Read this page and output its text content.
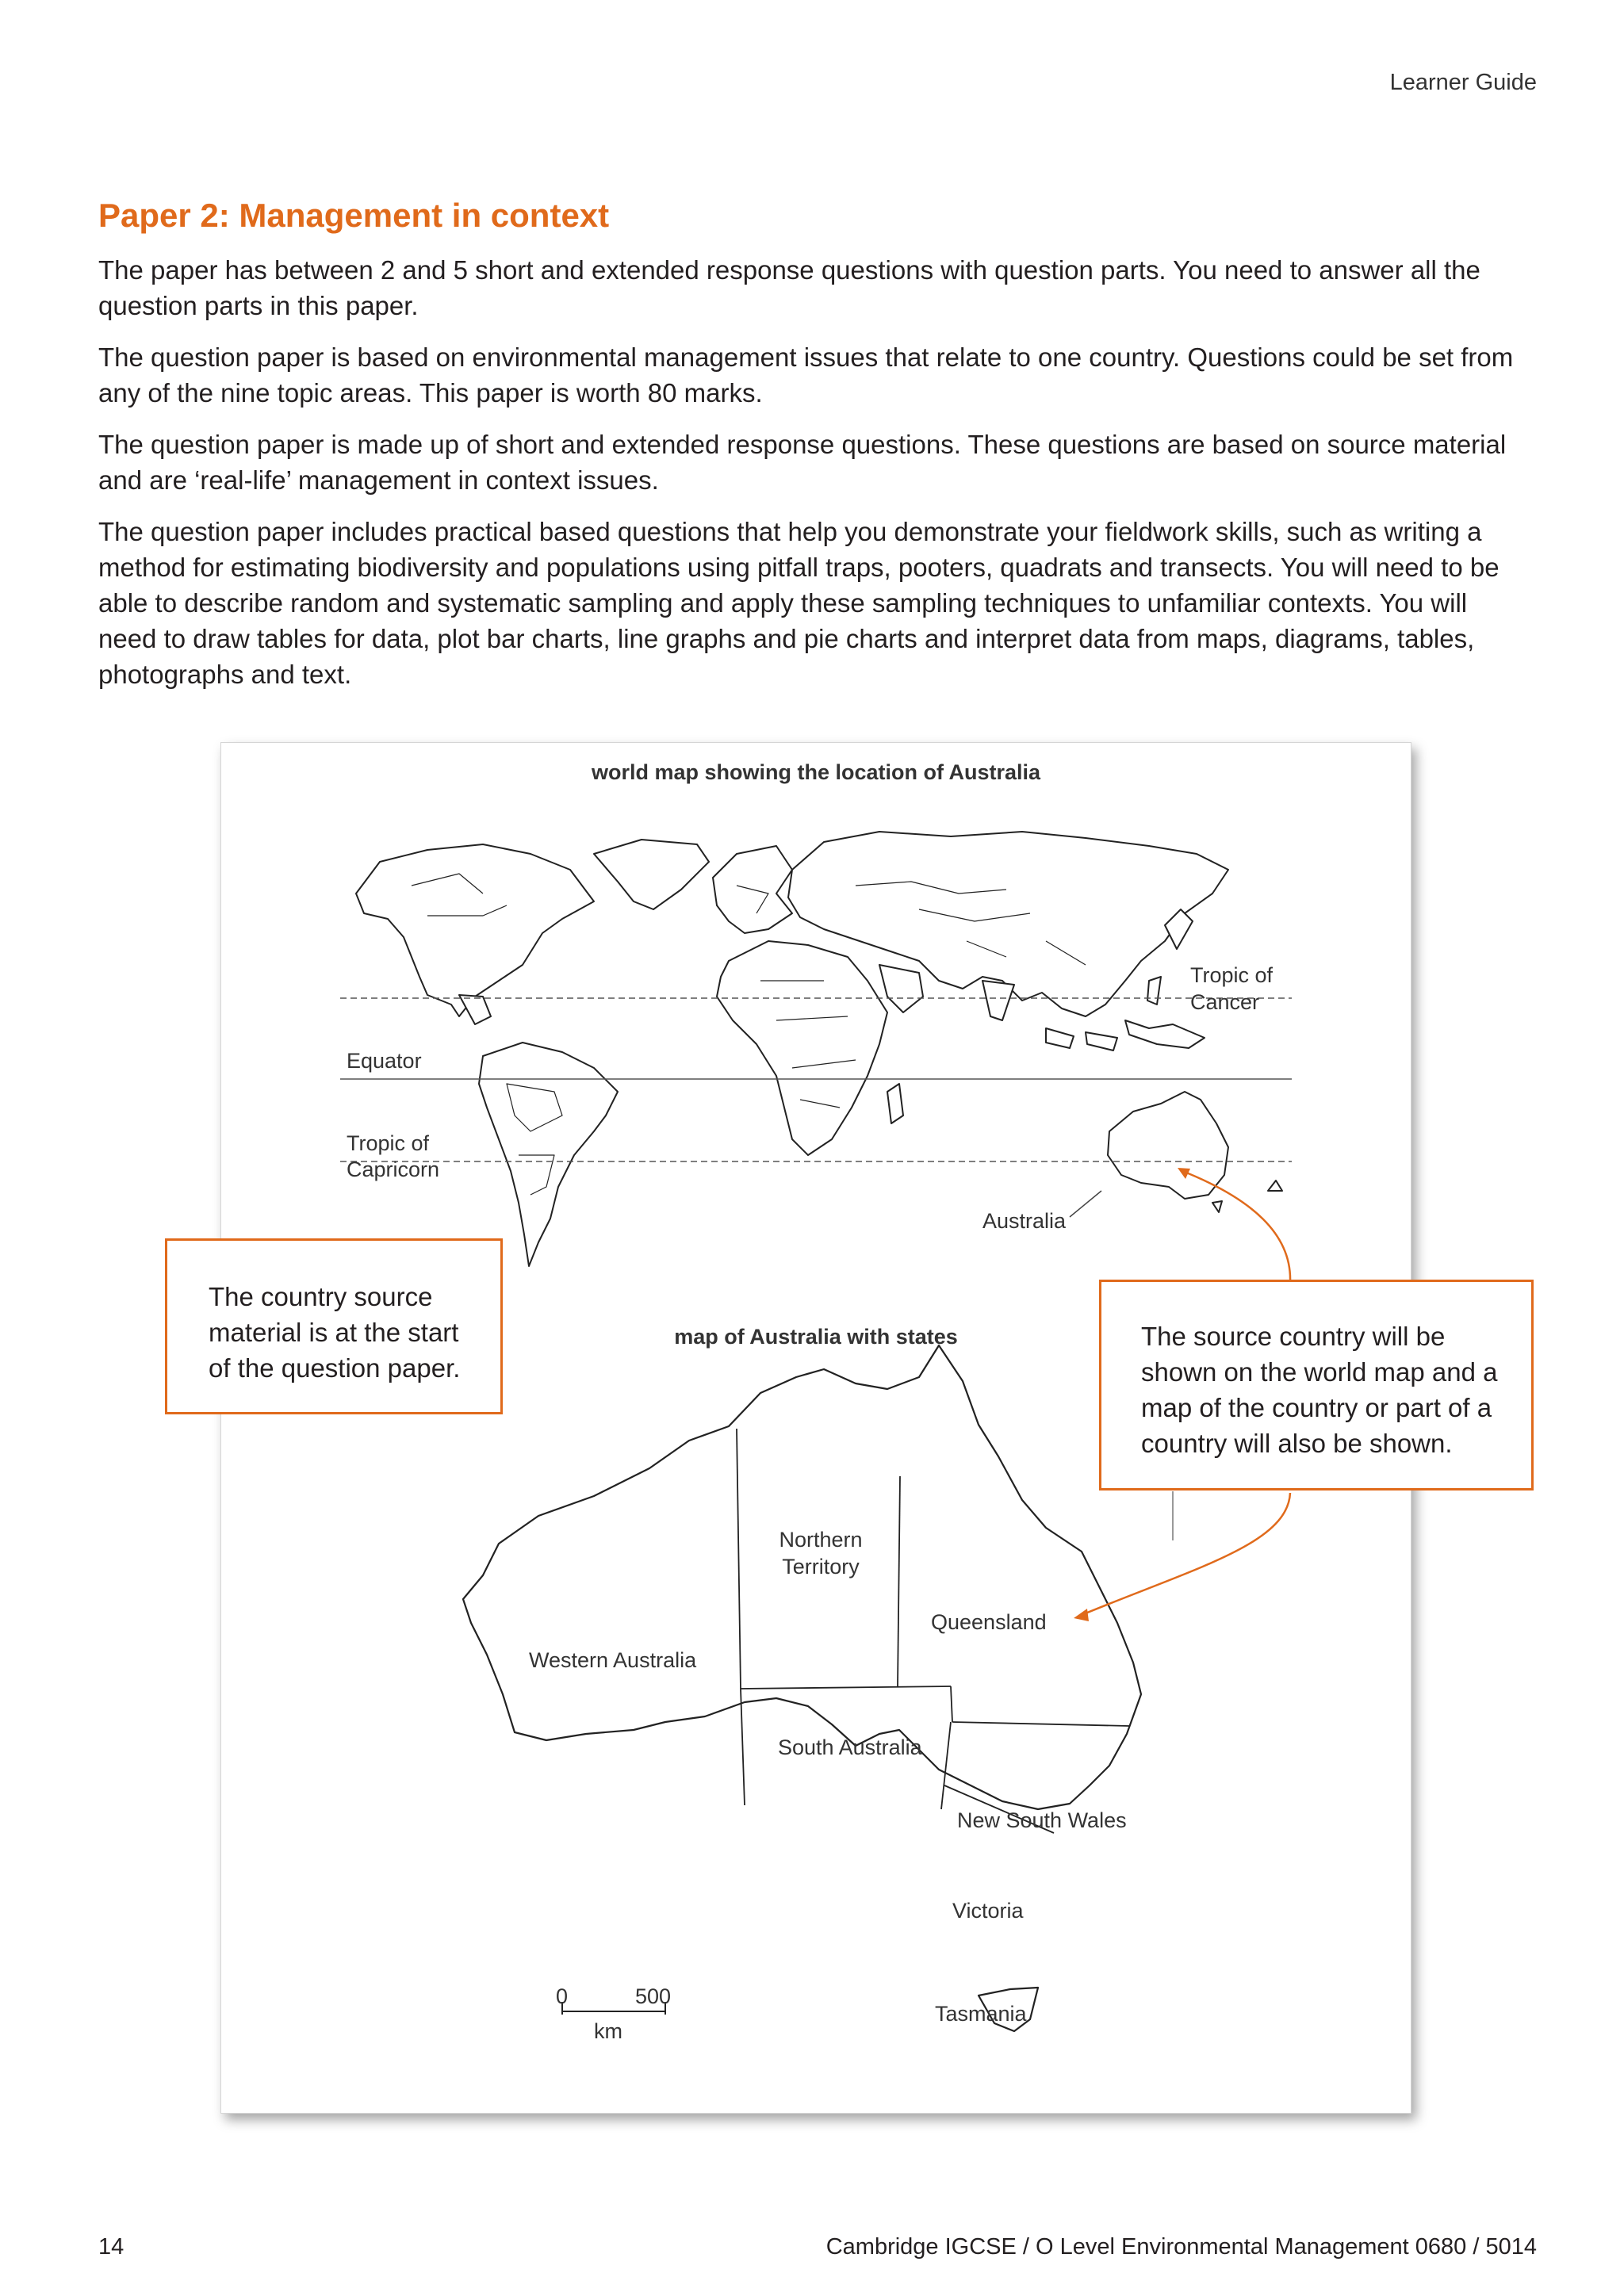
Learner Guide
Paper 2: Management in context

The paper has between 2 and 5 short and extended response questions with question parts. You need to answer all the question parts in this paper.

The question paper is based on environmental management issues that relate to one country. Questions could be set from any of the nine topic areas. This paper is worth 80 marks.

The question paper is made up of short and extended response questions. These questions are based on source material and are ‘real-life’ management in context issues.

The question paper includes practical based questions that help you demonstrate your fieldwork skills, such as writing a method for estimating biodiversity and populations using pitfall traps, pooters, quadrats and transects. You will need to be able to describe random and systematic sampling and apply these sampling techniques to unfamiliar contexts. You will need to draw tables for data, plot bar charts, line graphs and pie charts and interpret data from maps, diagrams, tables, photographs and text.

world map showing the location of Australia
Tropic of
Cancer
Equator
Tropic of
Capricorn
Australia
map of Australia with states
Western Australia
Northern
Territory
Queensland
South Australia
New South Wales
Victoria
Tasmania
0	500
km
The country source material is at the start of the question paper.
The source country will be shown on the world map and a map of the country or part of a country will also be shown.
14	Cambridge IGCSE / O Level Environmental Management 0680 / 5014
